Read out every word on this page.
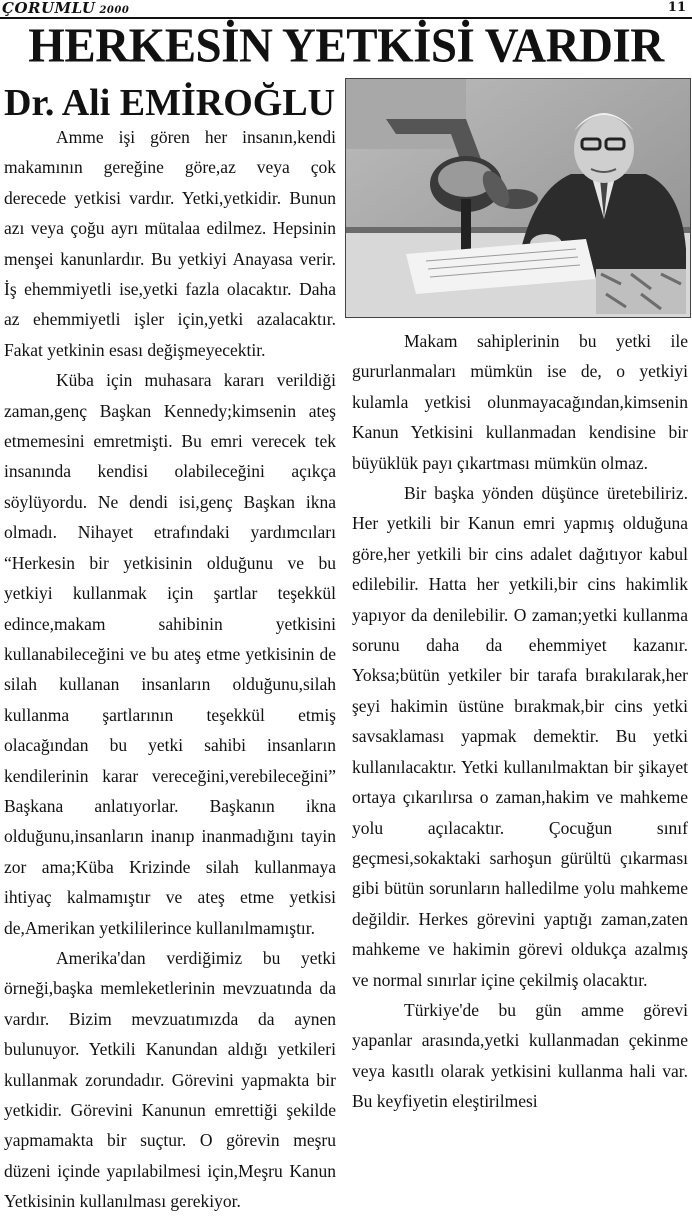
ÇORUMLU 2000	11
HERKESİN YETKİSİ VARDIR
Dr. Ali EMİROĞLU

Amme işi gören her insanın,kendi makamının gereğine göre,az veya çok derecede yetkisi vardır. Yetki,yetkidir. Bunun azı veya çoğu ayrı mütalaa edilmez. Hepsinin menşei kanunlardır. Bu yetkiyi Anayasa verir. İş ehemmiyetli ise,yetki fazla olacaktır. Daha az ehemmiyetli işler için,yetki azalacaktır. Fakat yetkinin esası değişmeyecektir.

Küba için muhasara kararı verildiği zaman,genç Başkan Kennedy;kimsenin ateş etmemesini emretmişti. Bu emri verecek tek insanında kendisi olabileceğini açıkça söylüyordu. Ne dendi isi,genç Başkan ikna olmadı. Nihayet etrafındaki yardımcıları “Herkesin bir yetkisinin olduğunu ve bu yetkiyi kullanmak için şartlar teşekkül edince,makam sahibinin yetkisini kullanabileceğini ve bu ateş etme yetkisinin de silah kullanan insanların olduğunu,silah kullanma şartlarının teşekkül etmiş olacağından bu yetki sahibi insanların kendilerinin karar vereceğini,verebileceğini” Başkana anlatıyorlar. Başkanın ikna olduğunu,insanların inanıp inanmadığını tayin zor ama;Küba Krizinde silah kullanmaya ihtiyaç kalmamıştır ve ateş etme yetkisi de,Amerikan yetkililerince kullanılmamıştır.

Amerika'dan verdiğimiz bu yetki örneği,başka memleketlerinin mevzuatında da vardır. Bizim mevzuatımızda da aynen bulunuyor. Yetkili Kanundan aldığı yetkileri kullanmak zorundadır. Görevini yapmakta bir yetkidir. Görevini Kanunun emrettiği şekilde yapmamakta bir suçtur. O görevin meşru düzeni içinde yapılabilmesi için,Meşru Kanun Yetkisinin kullanılması gerekiyor.

Makam sahiplerinin bu yetki ile gururlanmaları mümkün ise de, o yetkiyi kulamla yetkisi olunmayacağından,kimsenin Kanun Yetkisini kullanmadan kendisine bir büyüklük payı çıkartması mümkün olmaz.

Bir başka yönden düşünce üretebiliriz. Her yetkili bir Kanun emri yapmış olduğuna göre,her yetkili bir cins adalet dağıtıyor kabul edilebilir. Hatta her yetkili,bir cins hakimlik yapıyor da denilebilir. O zaman;yetki kullanma sorunu daha da ehemmiyet kazanır. Yoksa;bütün yetkiler bir tarafa bırakılarak,her şeyi hakimin üstüne bırakmak,bir cins yetki savsaklaması yapmak demektir. Bu yetki kullanılacaktır. Yetki kullanılmaktan bir şikayet ortaya çıkarılırsa o zaman,hakim ve mahkeme yolu açılacaktır. Çocuğun sınıf geçmesi,sokaktaki sarhoşun gürültü çıkarması gibi bütün sorunların halledilme yolu mahkeme değildir. Herkes görevini yaptığı zaman,zaten mahkeme ve hakimin görevi oldukça azalmış ve normal sınırlar içine çekilmiş olacaktır.

Türkiye'de bu gün amme görevi yapanlar arasında,yetki kullanmadan çekinme veya kasıtlı olarak yetkisini kullanma hali var. Bu keyfiyetin eleştirilmesi
